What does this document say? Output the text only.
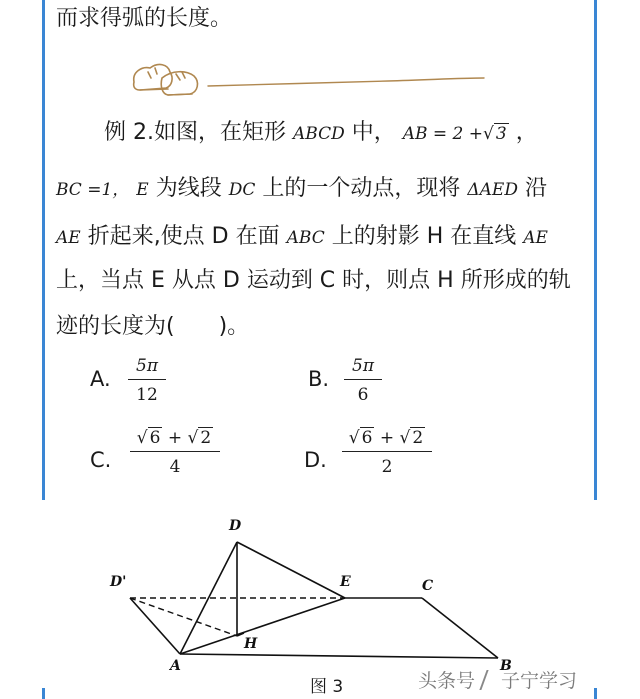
而求得弧的长度。
例 2.如图，在矩形 ABCD 中， AB = 2 +√ 3 ，
BC =1， E 为线段 DC 上的一个动点，现将 ΔAED 沿
AE 折起来,使点 D 在面 ABC 上的射影 H 在直线 AE
上，当点 E 从点 D 运动到 C 时，则点 H 所形成的轨
迹的长度为(　　)。
A. $\frac{5\pi}{12}$	B. $\frac{5\pi}{6}$
C. $\frac{√ 6 + √ 2}{4}$	D. $\frac{√ 6 + √ 2}{2}$
D
D'	E	C
H
A	B
图 3	头条号 子宁学习
